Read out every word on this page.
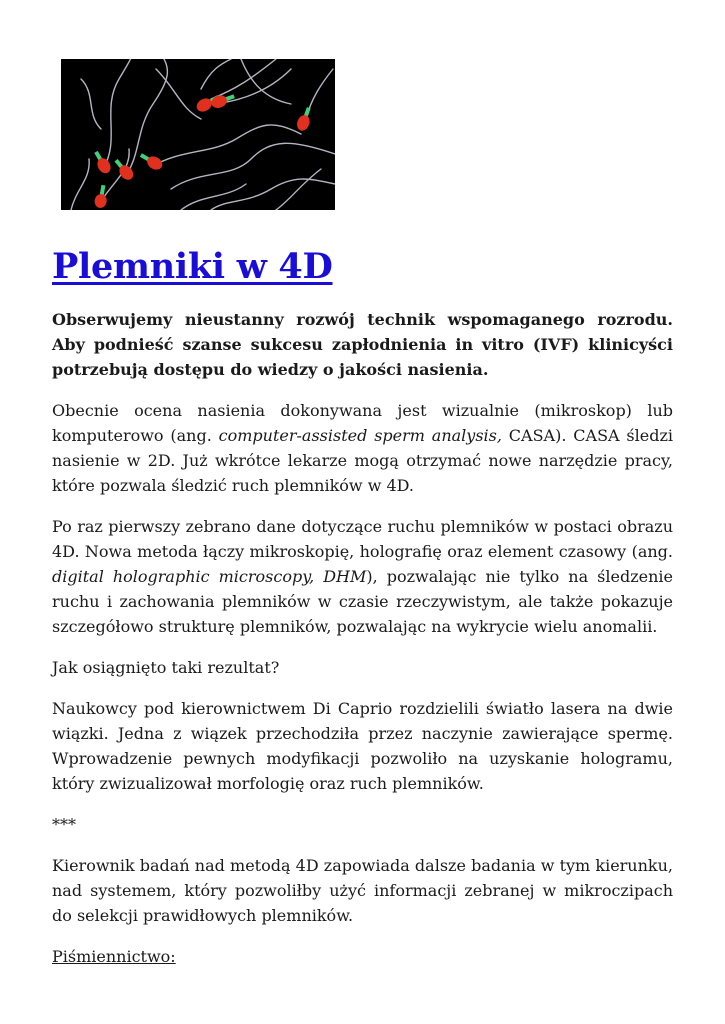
Plemniki w 4D

Obserwujemy nieustanny rozwój technik wspomaganego rozrodu. Aby podnieść szanse sukcesu zapłodnienia in vitro (IVF) klinicyści potrzebują dostępu do wiedzy o jakości nasienia.

Obecnie ocena nasienia dokonywana jest wizualnie (mikroskop) lub komputerowo (ang. computer-assisted sperm analysis, CASA). CASA śledzi nasienie w 2D. Już wkrótce lekarze mogą otrzymać nowe narzędzie pracy, które pozwala śledzić ruch plemników w 4D.

Po raz pierwszy zebrano dane dotyczące ruchu plemników w postaci obrazu 4D. Nowa metoda łączy mikroskopię, holografię oraz element czasowy (ang. digital holographic microscopy, DHM), pozwalając nie tylko na śledzenie ruchu i zachowania plemników w czasie rzeczywistym, ale także pokazuje szczegółowo strukturę plemników, pozwalając na wykrycie wielu anomalii.

Jak osiągnięto taki rezultat?

Naukowcy pod kierownictwem Di Caprio rozdzielili światło lasera na dwie wiązki. Jedna z wiązek przechodziła przez naczynie zawierające spermę. Wprowadzenie pewnych modyfikacji pozwoliło na uzyskanie hologramu, który zwizualizował morfologię oraz ruch plemników.

***

Kierownik badań nad metodą 4D zapowiada dalsze badania w tym kierunku, nad systemem, który pozwoliłby użyć informacji zebranej w mikroczipach do selekcji prawidłowych plemników.

Piśmiennictwo:
